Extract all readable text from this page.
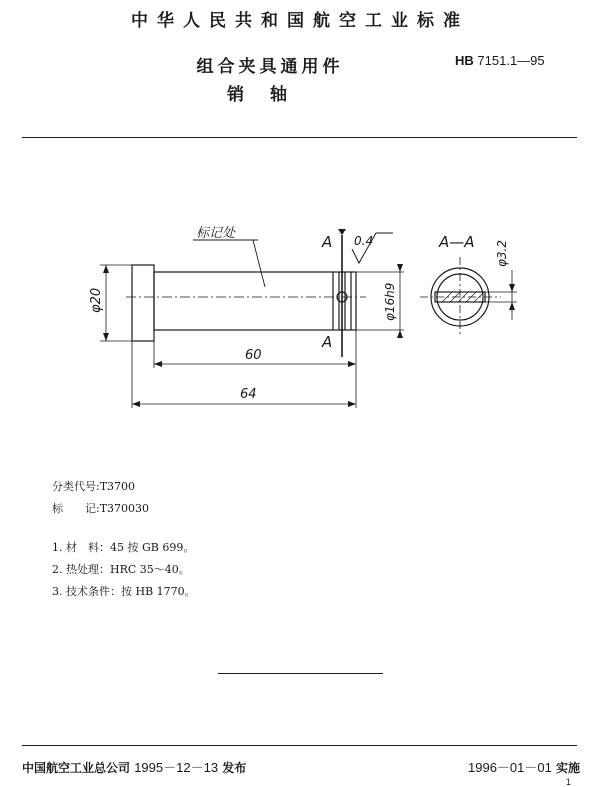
中华人民共和国航空工业标准
组合夹具通用件
销轴
HB 7151.1—95
标记处	A
A
0.4	A—A
φ20	φ16h9
φ3.2
60
64
分类代号:T3700
标　　记:T370030
1. 材　料：45 按 GB 699。
2. 热处理：HRC 35～40。
3. 技术条件：按 HB 1770。
中国航空工业总公司 1995－12－13 发布	1996－01－01 实施
1
